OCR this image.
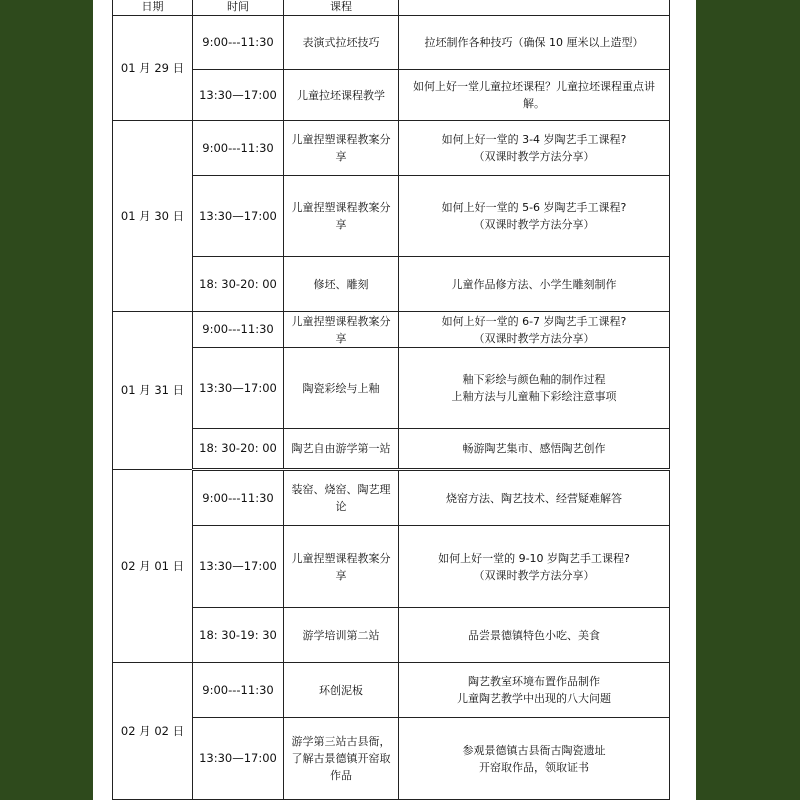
日期	时间	课程	
01 月 29 日	9:00---11:30	表演式拉坯技巧	拉坯制作各种技巧（确保 10 厘米以上造型）

	13:30—17:00	儿童拉坯课程教学	如何上好一堂儿童拉坯课程？儿童拉坯课程重点讲解。

01 月 30 日	9:00---11:30	儿童捏塑课程教案分享	如何上好一堂的 3-4 岁陶艺手工课程?
（双课时教学方法分享）

	13:30—17:00	儿童捏塑课程教案分享	如何上好一堂的 5-6 岁陶艺手工课程?
（双课时教学方法分享）

	18: 30-20: 00	修坯、雕刻	儿童作品修方法、小学生雕刻制作

01 月 31 日	9:00---11:30	儿童捏塑课程教案分享	如何上好一堂的 6-7 岁陶艺手工课程?
（双课时教学方法分享）

	13:30—17:00	陶瓷彩绘与上釉	釉下彩绘与颜色釉的制作过程
上釉方法与儿童釉下彩绘注意事项

	18: 30-20: 00	陶艺自由游学第一站	畅游陶艺集市、感悟陶艺创作

02 月 01 日	9:00---11:30	装窑、烧窑、陶艺理论	烧窑方法、陶艺技术、经营疑难解答

	13:30—17:00	儿童捏塑课程教案分享	如何上好一堂的 9-10 岁陶艺手工课程?
（双课时教学方法分享）

	18: 30-19: 30	游学培训第二站	品尝景德镇特色小吃、美食

02 月 02 日	9:00---11:30	环创泥板	陶艺教室环境布置作品制作
儿童陶艺教学中出现的八大问题

	13:30—17:00	游学第三站古县衙，了解古景德镇开窑取作品	参观景德镇古县衙古陶瓷遗址
开窑取作品，领取证书
